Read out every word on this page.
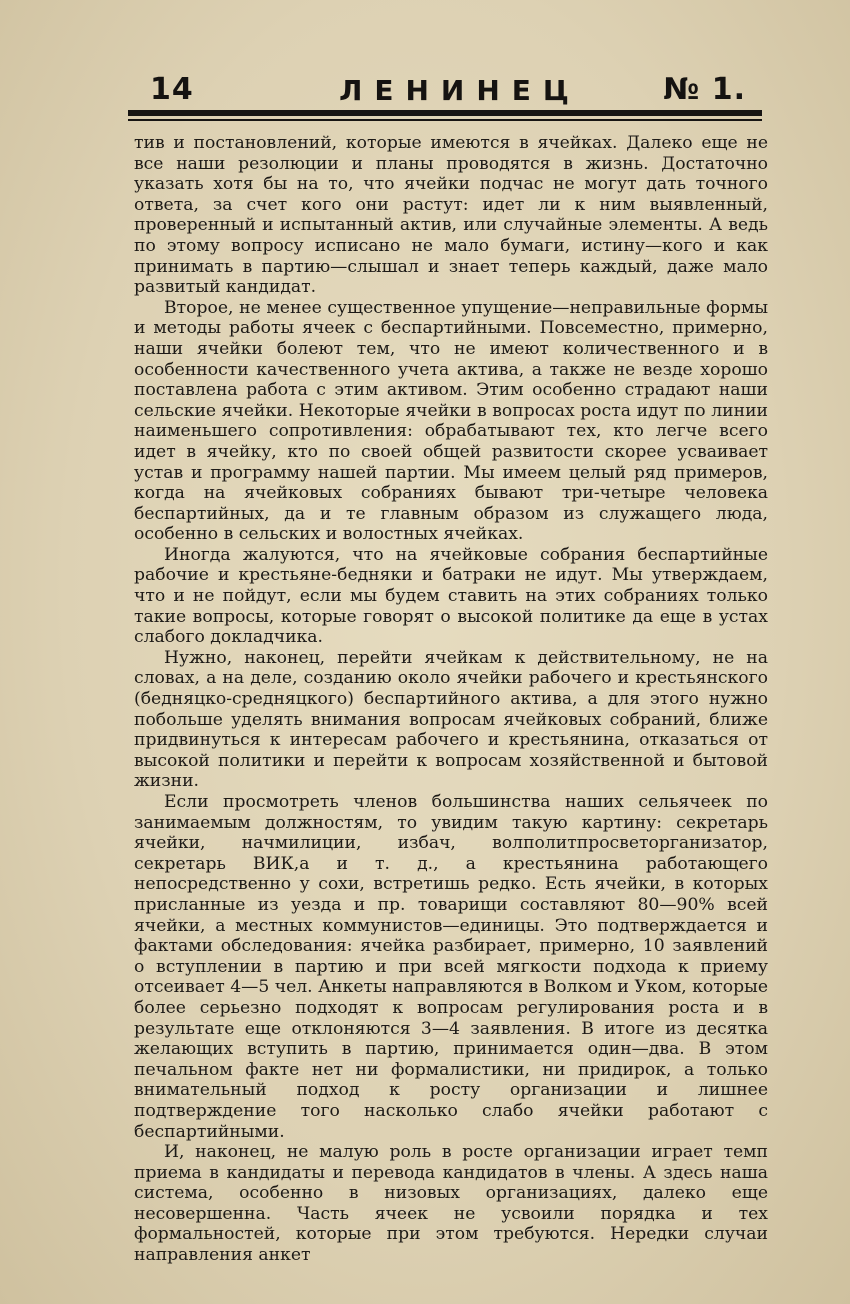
14	ЛЕНИНЕЦ	№ 1.

тив и постановлений, которые имеются в ячейках. Далеко еще не все наши резолюции и планы проводятся в жизнь. Достаточно указать хотя бы на то, что ячейки подчас не могут дать точного ответа, за счет кого они растут: идет ли к ним выявленный, проверенный и испытанный актив, или случайные элементы. А ведь по этому вопросу исписано не мало бумаги, истину—кого и как принимать в партию—слышал и знает теперь каждый, даже мало развитый кандидат.

Второе, не менее существенное упущение—неправильные формы и методы работы ячеек с беспартийными. Повсеместно, примерно, наши ячейки болеют тем, что не имеют количественного и в особенности качественного учета актива, а также не везде хорошо поставлена работа с этим активом. Этим особенно страдают наши сельские ячейки. Некоторые ячейки в вопросах роста идут по линии наименьшего сопротивления: обрабатывают тех, кто легче всего идет в ячейку, кто по своей общей развитости скорее усваивает устав и программу нашей партии. Мы имеем целый ряд примеров, когда на ячейковых собраниях бывают три-четыре человека беспартийных, да и те главным образом из служащего люда, особенно в сельских и волостных ячейках.

Иногда жалуются, что на ячейковые собрания беспартийные рабочие и крестьяне-бедняки и батраки не идут. Мы утверждаем, что и не пойдут, если мы будем ставить на этих собраниях только такие вопросы, которые говорят о высокой политике да еще в устах слабого докладчика.

Нужно, наконец, перейти ячейкам к действительному, не на словах, а на деле, созданию около ячейки рабочего и крестьянского (бедняцко-средняцкого) беспартийного актива, а для этого нужно побольше уделять внимания вопросам ячейковых собраний, ближе придвинуться к интересам рабочего и крестьянина, отказаться от высокой политики и перейти к вопросам хозяйственной и бытовой жизни.

Если просмотреть членов большинства наших сельячеек по занимаемым должностям, то увидим такую картину: секретарь ячейки, начмилиции, избач, волполитпросветорганизатор, секретарь ВИК,а и т. д., а крестьянина работающего непосредственно у сохи, встретишь редко. Есть ячейки, в которых присланные из уезда и пр. товарищи составляют 80—90% всей ячейки, а местных коммунистов—единицы. Это подтверждается и фактами обследования: ячейка разбирает, примерно, 10 заявлений о вступлении в партию и при всей мягкости подхода к приему отсеивает 4—5 чел. Анкеты направляются в Волком и Уком, которые более серьезно подходят к вопросам регулирования роста и в результате еще отклоняются 3—4 заявления. В итоге из десятка желающих вступить в партию, принимается один—два. В этом печальном факте нет ни формалистики, ни придирок, а только внимательный подход к росту организации и лишнее подтверждение того насколько слабо ячейки работают с беспартийными.

И, наконец, не малую роль в росте организации играет темп приема в кандидаты и перевода кандидатов в члены. А здесь наша система, особенно в низовых организациях, далеко еще несовершенна. Часть ячеек не усвоили порядка и тех формальностей, которые при этом требуются. Нередки случаи направления анкет
